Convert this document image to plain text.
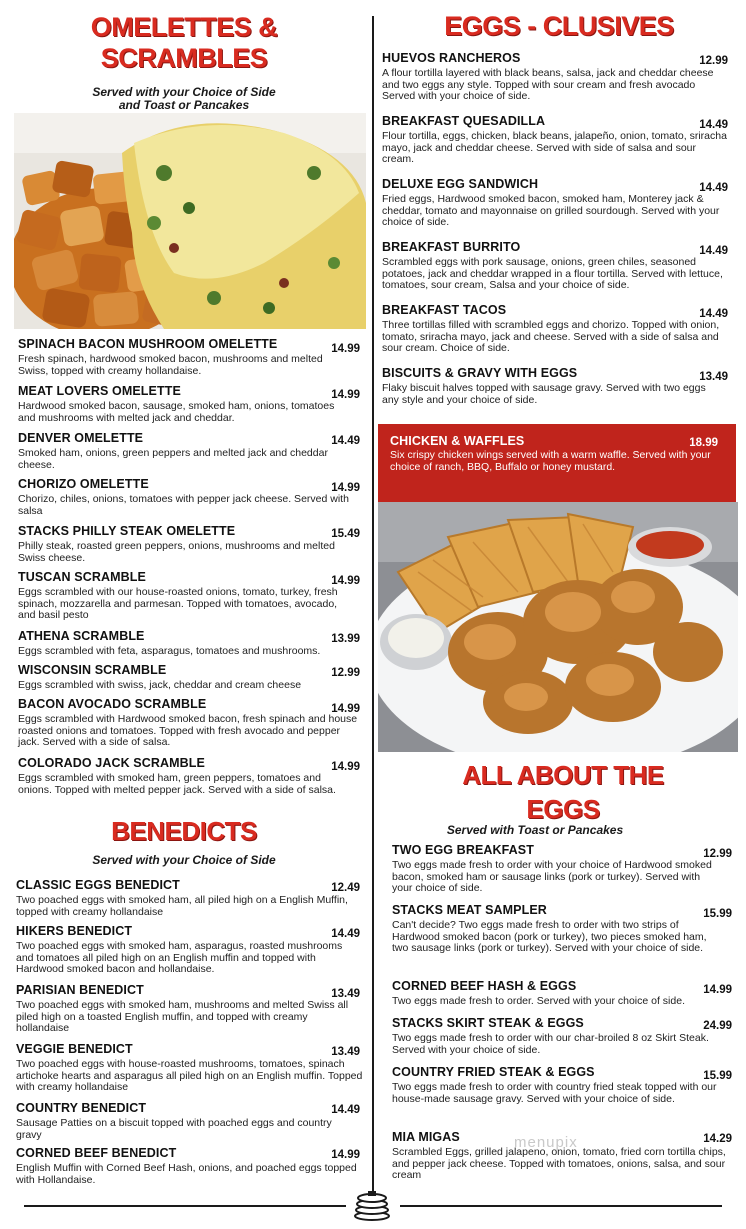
OMELETTES &
SCRAMBLES
Served with your Choice of Side
and Toast or Pancakes
SPINACH BACON MUSHROOM OMELETTE	14.99
Fresh spinach, hardwood smoked bacon, mushrooms and melted Swiss, topped with creamy hollandaise.
MEAT LOVERS OMELETTE	14.99
Hardwood smoked bacon, sausage, smoked ham, onions, tomatoes and mushrooms with melted jack and cheddar.
DENVER OMELETTE	14.49
Smoked ham, onions, green peppers and melted jack and cheddar cheese.
CHORIZO OMELETTE	14.99
Chorizo, chiles, onions, tomatoes with pepper jack cheese. Served with salsa
STACKS PHILLY STEAK OMELETTE	15.49
Philly steak, roasted green peppers, onions, mushrooms and melted Swiss cheese.
TUSCAN SCRAMBLE	14.99
Eggs scrambled with our house-roasted onions, tomato, turkey, fresh spinach, mozzarella and parmesan. Topped with tomatoes, avocado, and basil pesto
ATHENA SCRAMBLE	13.99
Eggs scrambled with feta, asparagus, tomatoes and mushrooms.
WISCONSIN SCRAMBLE	12.99
Eggs scrambled with swiss, jack, cheddar and cream cheese
BACON AVOCADO SCRAMBLE	14.99
Eggs scrambled with Hardwood smoked bacon, fresh spinach and house roasted onions and tomatoes. Topped with fresh avocado and pepper jack. Served with a side of salsa.
COLORADO JACK SCRAMBLE	14.99
Eggs scrambled with smoked ham, green peppers, tomatoes and onions. Topped with melted pepper jack. Served with a side of salsa.
BENEDICTS
Served with your Choice of Side
CLASSIC EGGS BENEDICT	12.49
Two poached eggs with smoked ham, all piled high on a English Muffin, topped with creamy hollandaise
HIKERS BENEDICT	14.49
Two poached eggs with smoked ham, asparagus, roasted mushrooms and tomatoes all piled high on an English muffin and topped with Hardwood smoked bacon and hollandaise.
PARISIAN BENEDICT	13.49
Two poached eggs with smoked ham, mushrooms and melted Swiss all piled high on a toasted English muffin, and topped with creamy hollandaise
VEGGIE BENEDICT	13.49
Two poached eggs with house-roasted mushrooms, tomatoes, spinach artichoke hearts and asparagus all piled high on an English muffin. Topped with creamy hollandaise
COUNTRY BENEDICT	14.49
Sausage Patties on a biscuit topped with poached eggs and country gravy
CORNED BEEF BENEDICT	14.99
English Muffin with Corned Beef Hash, onions, and poached eggs topped with Hollandaise.
EGGS - CLUSIVES
HUEVOS RANCHEROS	12.99
A flour tortilla layered with black beans, salsa, jack and cheddar cheese and two eggs any style. Topped with sour cream and fresh avocado Served with your choice of side.
BREAKFAST QUESADILLA	14.49
Flour tortilla, eggs, chicken, black beans, jalapeño, onion, tomato, sriracha mayo, jack and cheddar cheese. Served with side of salsa and sour cream.
DELUXE EGG SANDWICH	14.49
Fried eggs, Hardwood smoked bacon, smoked ham, Monterey jack & cheddar, tomato and mayonnaise on grilled sourdough. Served with your choice of side.
BREAKFAST BURRITO	14.49
Scrambled eggs with pork sausage, onions, green chiles, seasoned potatoes, jack and cheddar wrapped in a flour tortilla. Served with lettuce, tomatoes, sour cream, Salsa and your choice of side.
BREAKFAST TACOS	14.49
Three tortillas filled with scrambled eggs and chorizo. Topped with onion, tomato, sriracha mayo, jack and cheese. Served with a side of salsa and sour cream. Choice of side.
BISCUITS & GRAVY WITH EGGS	13.49
Flaky biscuit halves topped with sausage gravy. Served with two eggs any style and your choice of side.
CHICKEN & WAFFLES	18.99
Six crispy chicken wings served with a warm waffle. Served with your choice of ranch, BBQ, Buffalo or honey mustard.
ALL ABOUT THE
EGGS
Served with Toast or Pancakes
TWO EGG BREAKFAST	12.99
Two eggs made fresh to order with your choice of Hardwood smoked bacon, smoked ham or sausage links (pork or turkey). Served with your choice of side.
STACKS MEAT SAMPLER	15.99
Can't decide? Two eggs made fresh to order with two strips of Hardwood smoked bacon (pork or turkey), two pieces smoked ham, two sausage links (pork or turkey). Served with your choice of side.
CORNED BEEF HASH & EGGS	14.99
Two eggs made fresh to order. Served with your choice of side.
STACKS SKIRT STEAK & EGGS	24.99
Two eggs made fresh to order with our char-broiled 8 oz Skirt Steak. Served with your choice of side.
COUNTRY FRIED STEAK & EGGS	15.99
Two eggs made fresh to order with country fried steak topped with our house-made sausage gravy. Served with your choice of side.
MIA MIGAS	14.29
Scrambled Eggs, grilled jalapeno, onion, tomato, fried corn tortilla chips, and pepper jack cheese. Topped with tomatoes, onions, salsa, and sour cream
menupix
